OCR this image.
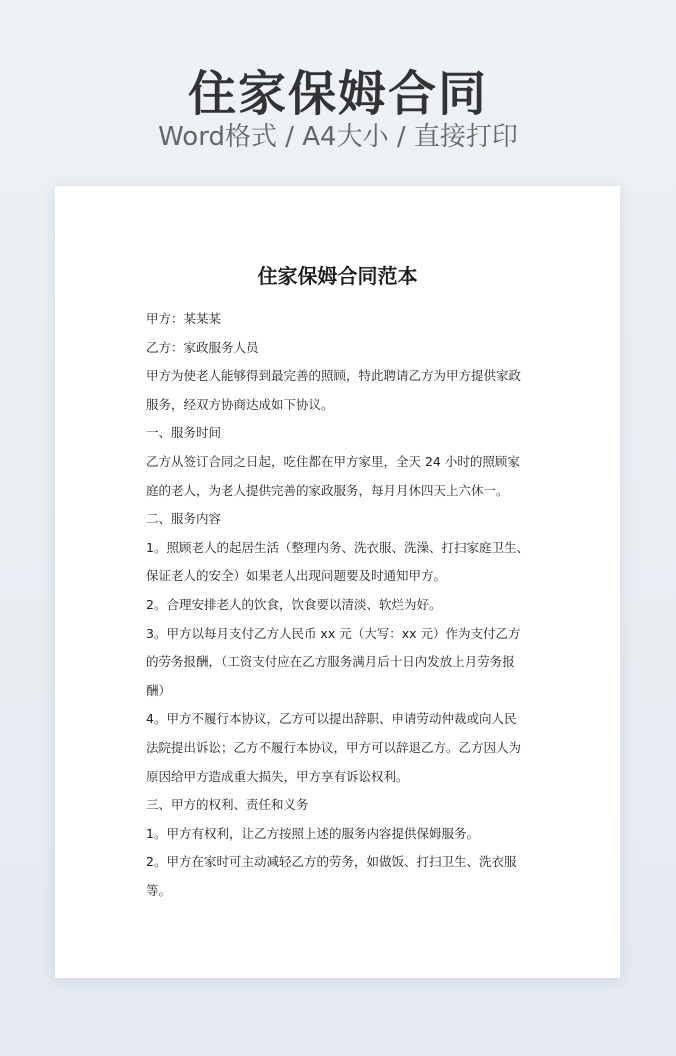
住家保姆合同
Word格式 / A4大小 / 直接打印
住家保姆合同范本
甲方：某某某
乙方：家政服务人员
甲方为使老人能够得到最完善的照顾，特此聘请乙方为甲方提供家政
服务，经双方协商达成如下协议。
一、服务时间
乙方从签订合同之日起，吃住都在甲方家里，全天 24 小时的照顾家
庭的老人，为老人提供完善的家政服务，每月月休四天上六休一。
二、服务内容
1。照顾老人的起居生活（整理内务、洗衣服、洗澡、打扫家庭卫生、
保证老人的安全）如果老人出现问题要及时通知甲方。
2。合理安排老人的饮食，饮食要以清淡、软烂为好。
3。甲方以每月支付乙方人民币 xx 元（大写：xx 元）作为支付乙方
的劳务报酬，（工资支付应在乙方服务满月后十日内发放上月劳务报
酬）
4。甲方不履行本协议，乙方可以提出辞职、申请劳动仲裁或向人民
法院提出诉讼；乙方不履行本协议，甲方可以辞退乙方。乙方因人为
原因给甲方造成重大损失，甲方享有诉讼权利。
三、甲方的权利、责任和义务
1。甲方有权利，让乙方按照上述的服务内容提供保姆服务。
2。甲方在家时可主动减轻乙方的劳务，如做饭、打扫卫生、洗衣服
等。
